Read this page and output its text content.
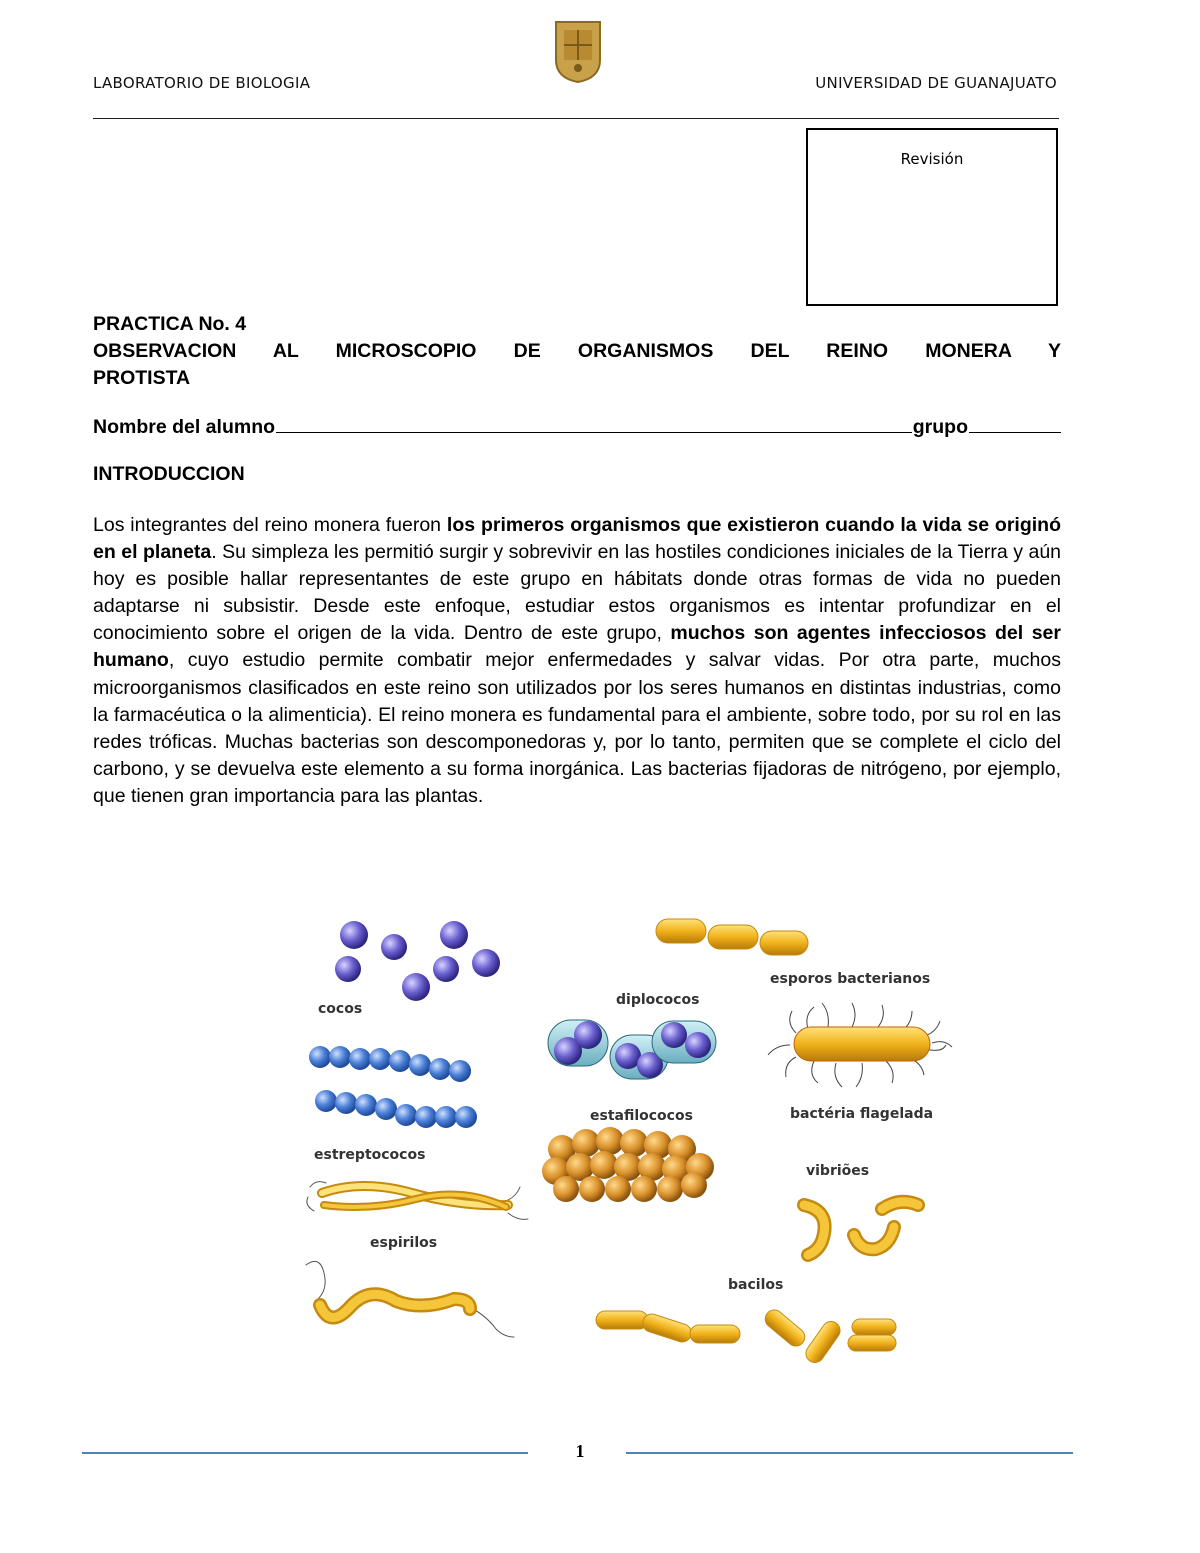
LABORATORIO DE BIOLOGIA	UNIVERSIDAD DE GUANAJUATO
Revisión
PRACTICA No. 4
OBSERVACION AL MICROSCOPIO DE ORGANISMOS DEL REINO MONERA Y
PROTISTA
Nombre del alumno	grupo
INTRODUCCION
Los integrantes del reino monera fueron los primeros organismos que existieron cuando la vida se originó en el planeta. Su simpleza les permitió surgir y sobrevivir en las hostiles condiciones iniciales de la Tierra y aún hoy es posible hallar representantes de este grupo en hábitats donde otras formas de vida no pueden adaptarse ni subsistir. Desde este enfoque, estudiar estos organismos es intentar profundizar en el conocimiento sobre el origen de la vida. Dentro de este grupo, muchos son agentes infecciosos del ser humano, cuyo estudio permite combatir mejor enfermedades y salvar vidas. Por otra parte, muchos microorganismos clasificados en este reino son utilizados por los seres humanos en distintas industrias, como la farmacéutica o la alimenticia). El reino monera es fundamental para el ambiente, sobre todo, por su rol en las redes tróficas. Muchas bacterias son descomponedoras y, por lo tanto, permiten que se complete el ciclo del carbono, y se devuelva este elemento a su forma inorgánica. Las bacterias fijadoras de nitrógeno, por ejemplo, que tienen gran importancia para las plantas.
cocos
esporos bacterianos
diplococos
bactéria flagelada
estreptococos
estafilococos
vibriões
espirilos
bacilos
1
